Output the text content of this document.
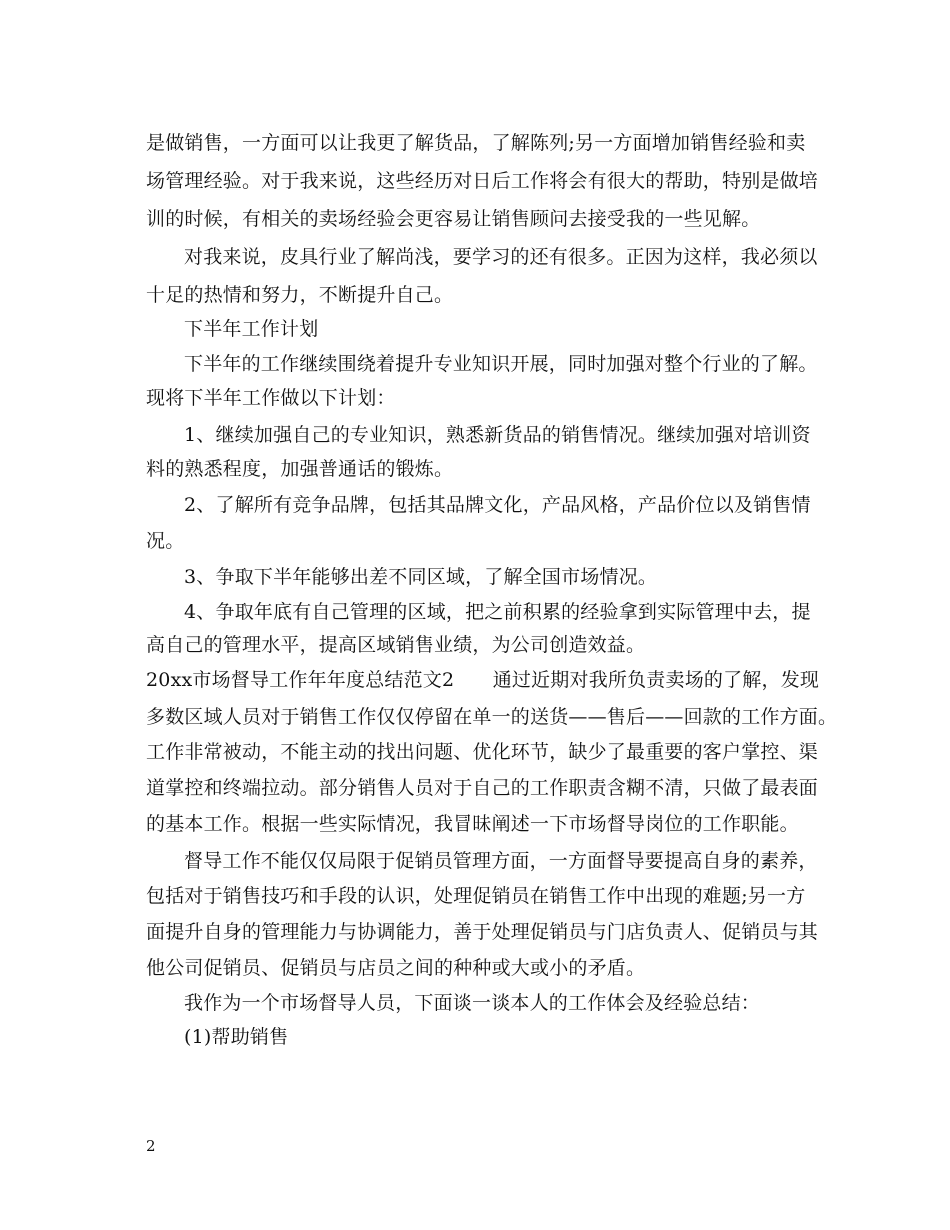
是做销售，一方面可以让我更了解货品，了解陈列;另一方面增加销售经验和卖
场管理经验。对于我来说，这些经历对日后工作将会有很大的帮助，特别是做培
训的时候，有相关的卖场经验会更容易让销售顾问去接受我的一些见解。
对我来说，皮具行业了解尚浅，要学习的还有很多。正因为这样，我必须以
十足的热情和努力，不断提升自己。
下半年工作计划
下半年的工作继续围绕着提升专业知识开展，同时加强对整个行业的了解。
现将下半年工作做以下计划：
1、继续加强自己的专业知识，熟悉新货品的销售情况。继续加强对培训资
料的熟悉程度，加强普通话的锻炼。
2、了解所有竞争品牌，包括其品牌文化，产品风格，产品价位以及销售情
况。
3、争取下半年能够出差不同区域，了解全国市场情况。
4、争取年底有自己管理的区域，把之前积累的经验拿到实际管理中去，提
高自己的管理水平，提高区域销售业绩，为公司创造效益。
20xx市场督导工作年年度总结范文2　　通过近期对我所负责卖场的了解，发现
多数区域人员对于销售工作仅仅停留在单一的送货——售后——回款的工作方面。
工作非常被动，不能主动的找出问题、优化环节，缺少了最重要的客户掌控、渠
道掌控和终端拉动。部分销售人员对于自己的工作职责含糊不清，只做了最表面
的基本工作。根据一些实际情况，我冒昧阐述一下市场督导岗位的工作职能。
督导工作不能仅仅局限于促销员管理方面，一方面督导要提高自身的素养，
包括对于销售技巧和手段的认识，处理促销员在销售工作中出现的难题;另一方
面提升自身的管理能力与协调能力，善于处理促销员与门店负责人、促销员与其
他公司促销员、促销员与店员之间的种种或大或小的矛盾。
我作为一个市场督导人员，下面谈一谈本人的工作体会及经验总结：
(1)帮助销售
2
